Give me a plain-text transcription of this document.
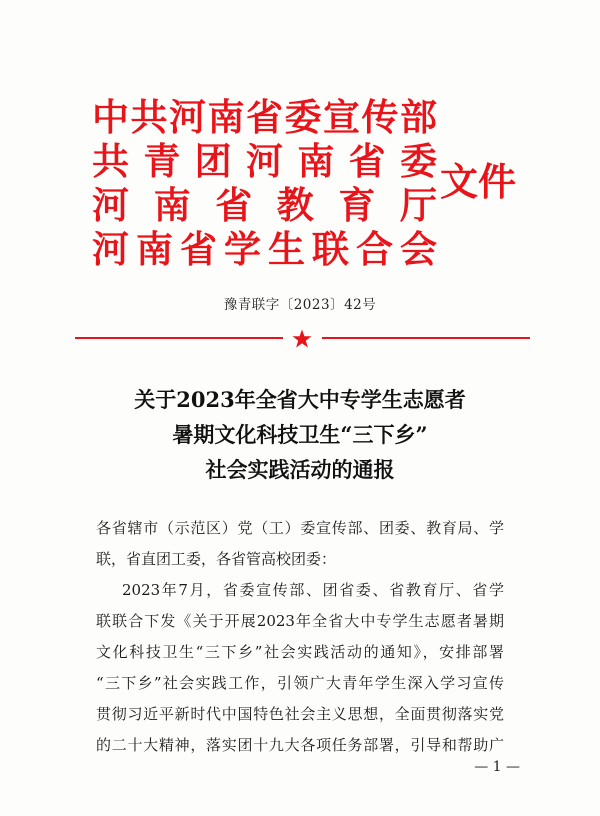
中共河南省委宣传部
共青团河南省委
河南省教育厅
河南省学生联合会
文件
豫青联字〔2023〕42号
关于2023年全省大中专学生志愿者
暑期文化科技卫生“三下乡”
社会实践活动的通报
各省辖市（示范区）党（工）委宣传部、团委、教育局、学
联，省直团工委，各省管高校团委：
2023年7月，省委宣传部、团省委、省教育厅、省学
联联合下发《关于开展2023年全省大中专学生志愿者暑期
文化科技卫生“三下乡”社会实践活动的通知》，安排部署
“三下乡”社会实践工作，引领广大青年学生深入学习宣传
贯彻习近平新时代中国特色社会主义思想，全面贯彻落实党
的二十大精神，落实团十九大各项任务部署，引导和帮助广
— 1 —
